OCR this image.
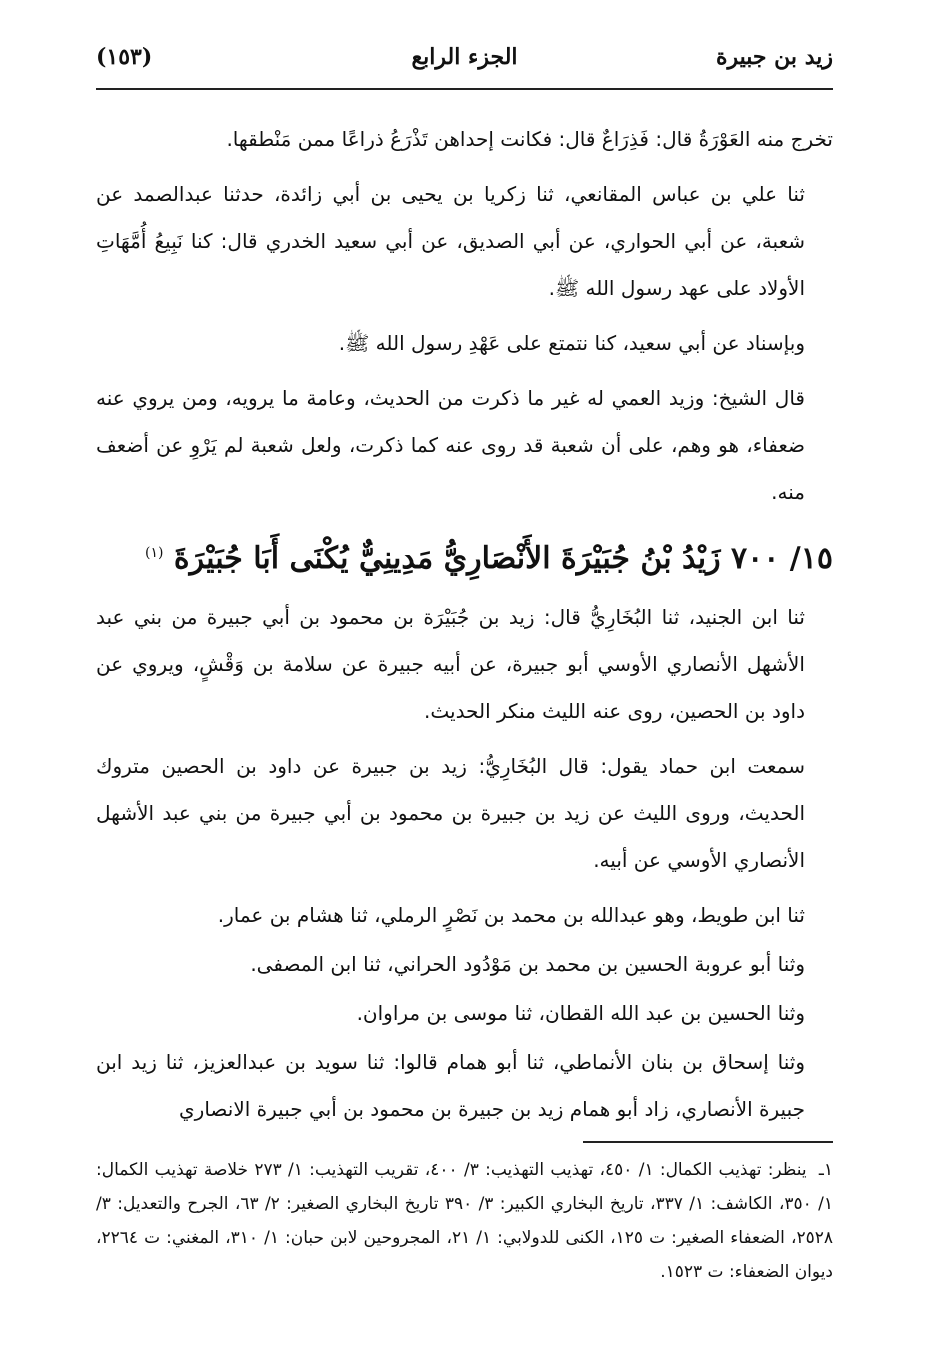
زيد بن جبيرة
الجزء الرابع
(١٥٣)

تخرج منه العَوْرَةُ قال: فَذِرَاعٌ قال: فكانت إحداهن تَذْرَعُ ذراعًا ممن مَنْطقها.

ثنا علي بن عباس المقانعي، ثنا زكريا بن يحيى بن أبي زائدة، حدثنا عبدالصمد عن شعبة، عن أبي الحواري، عن أبي الصديق، عن أبي سعيد الخدري قال: كنا نَبِيعُ أُمَّهَاتِ الأولاد على عهد رسول الله ﷺ.

وبإسناد عن أبي سعيد، كنا نتمتع على عَهْدِ رسول الله ﷺ.

قال الشيخ: وزيد العمي له غير ما ذكرت من الحديث، وعامة ما يرويه، ومن يروي عنه ضعفاء، هو وهم، على أن شعبة قد روى عنه كما ذكرت، ولعل شعبة لم يَرْوِ عن أضعف منه.

١٥/ ٧٠٠ زَيْدُ بْنُ جُبَيْرَةَ الأَنْصَارِيُّ مَدِينِيٌّ يُكْنَى أَبَا جُبَيْرَةَ $^{(١)}$

ثنا ابن الجنيد، ثنا البُخَارِيُّ قال: زيد بن جُبَيْرَة بن محمود بن أبي جبيرة من بني عبد الأشهل الأنصاري الأوسي أبو جبيرة، عن أبيه جبيرة عن سلامة بن وَقْشٍ، ويروي عن داود بن الحصين، روى عنه الليث منكر الحديث.

سمعت ابن حماد يقول: قال البُخَارِيُّ: زيد بن جبيرة عن داود بن الحصين متروك الحديث، وروى الليث عن زيد بن جبيرة بن محمود بن أبي جبيرة من بني عبد الأشهل الأنصاري الأوسي عن أبيه.

ثنا ابن طويط، وهو عبدالله بن محمد بن نَصْرٍ الرملي، ثنا هشام بن عمار.

وثنا أبو عروبة الحسين بن محمد بن مَوْدُود الحراني، ثنا ابن المصفى.

وثنا الحسين بن عبد الله القطان، ثنا موسى بن مراوان.

وثنا إسحاق بن بنان الأنماطي، ثنا أبو همام قالوا: ثنا سويد بن عبدالعزيز، ثنا زيد ابن جبيرة الأنصاري، زاد أبو همام زيد بن جبيرة بن محمود بن أبي جبيرة الانصاري

١ـ ينظر: تهذيب الكمال: ١/ ٤٥٠، تهذيب التهذيب: ٣/ ٤٠٠، تقريب التهذيب: ١/ ٢٧٣ خلاصة تهذيب الكمال: ١/ ٣٥٠، الكاشف: ١/ ٣٣٧، تاريخ البخاري الكبير: ٣/ ٣٩٠ تاريخ البخاري الصغير: ٢/ ٦٣، الجرح والتعديل: ٣/ ٢٥٢٨، الضعفاء الصغير: ت ١٢٥، الكنى للدولابي: ١/ ٢١، المجروحين لابن حبان: ١/ ٣١٠، المغني: ت ٢٢٦٤، ديوان الضعفاء: ت ١٥٢٣.
